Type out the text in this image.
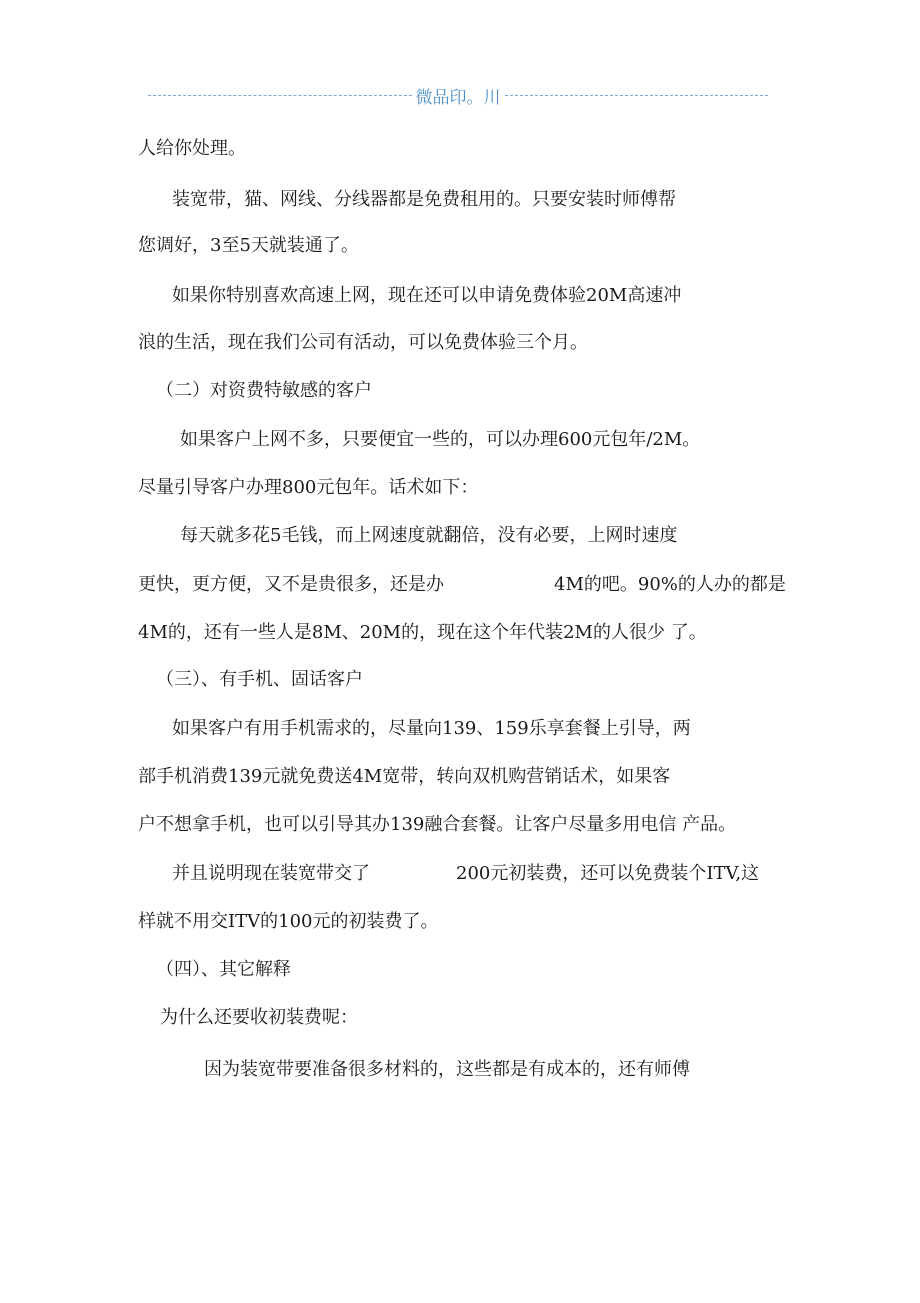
微品印。川
人给你处理。
装宽带，猫、网线、分线器都是免费租用的。只要安装时师傅帮
您调好，3至5天就装通了。
如果你特别喜欢高速上网，现在还可以申请免费体验20M高速冲
浪的生活，现在我们公司有活动，可以免费体验三个月。
（二）对资费特敏感的客户
如果客户上网不多，只要便宜一些的，可以办理600元包年/2M。
尽量引导客户办理800元包年。话术如下：
每天就多花5毛钱，而上网速度就翻倍，没有必要，上网时速度
更快，更方便，又不是贵很多，还是办	4M的吧。90%的人办的都是
4M的，还有一些人是8M、20M的，现在这个年代装2M的人很少 了。
（三）、有手机、固话客户
如果客户有用手机需求的，尽量向139、159乐享套餐上引导，两
部手机消费139元就免费送4M宽带，转向双机购营销话术，如果客
户不想拿手机，也可以引导其办139融合套餐。让客户尽量多用电信 产品。
并且说明现在装宽带交了	200元初装费，还可以免费装个ITV,这
样就不用交ITV的100元的初装费了。
（四）、其它解释
为什么还要收初装费呢：
因为装宽带要准备很多材料的，这些都是有成本的，还有师傅
